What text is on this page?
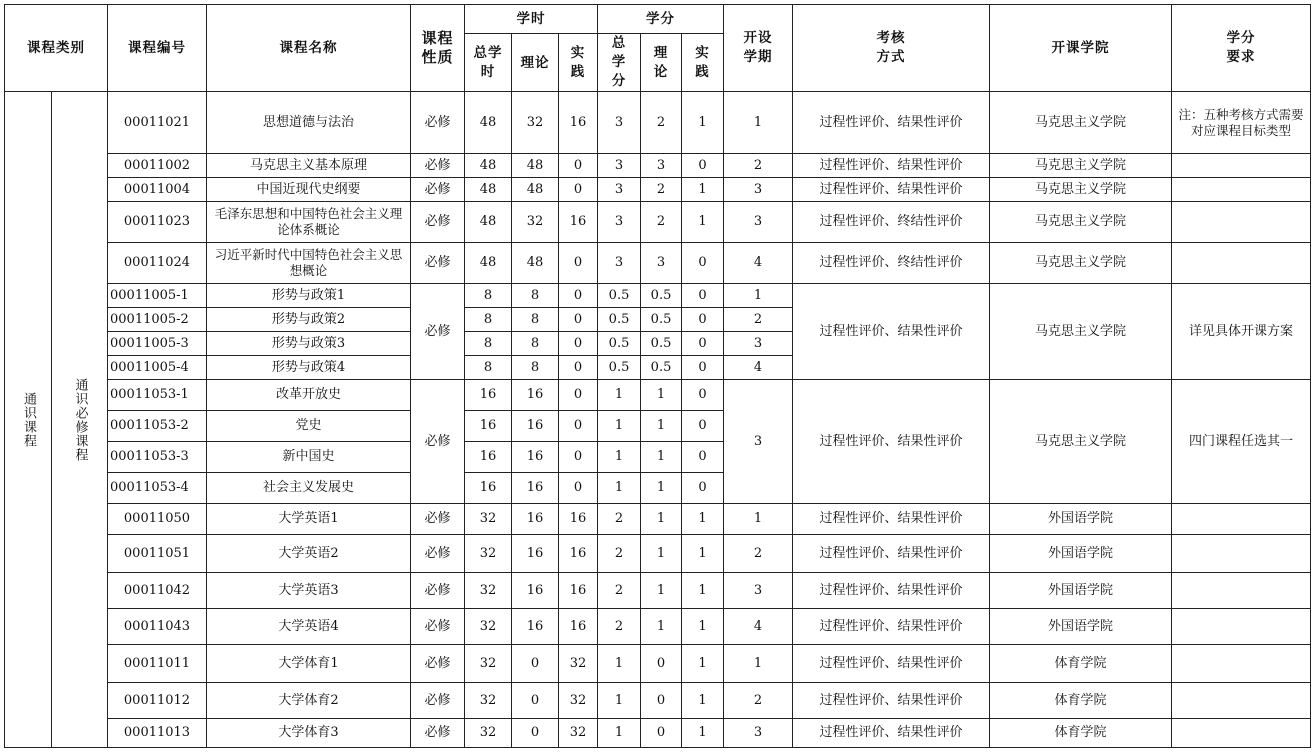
课程类别		课程编号	课程名称	课程性质	学时			学分			开设学期	考核方式	开课学院	学分要求

					总学时	理论	实践	总学分	理论	实践				

通识课程	通识必修课程	00011021	思想道德与法治	必修	48	32	16	3	2	1	1	过程性评价、结果性评价	马克思主义学院	注：五种考核方式需要对应课程目标类型
		00011002	马克思主义基本原理	必修	48	48	0	3	3	0	2	过程性评价、结果性评价	马克思主义学院	
		00011004	中国近现代史纲要	必修	48	48	0	3	2	1	3	过程性评价、结果性评价	马克思主义学院	
		00011023	毛泽东思想和中国特色社会主义理论体系概论	必修	48	32	16	3	2	1	3	过程性评价、终结性评价	马克思主义学院	
		00011024	习近平新时代中国特色社会主义思想概论	必修	48	48	0	3	3	0	4	过程性评价、终结性评价	马克思主义学院	
		00011005-1	形势与政策1	必修	8	8	0	0.5	0.5	0	1	过程性评价、结果性评价	马克思主义学院	详见具体开课方案
		00011005-2	形势与政策2		8	8	0	0.5	0.5	0	2			
		00011005-3	形势与政策3		8	8	0	0.5	0.5	0	3			
		00011005-4	形势与政策4		8	8	0	0.5	0.5	0	4			
		00011053-1	改革开放史	必修	16	16	0	1	1	0	3	过程性评价、结果性评价	马克思主义学院	四门课程任选其一
		00011053-2	党史		16	16	0	1	1	0				
		00011053-3	新中国史		16	16	0	1	1	0				
		00011053-4	社会主义发展史		16	16	0	1	1	0				
		00011050	大学英语1	必修	32	16	16	2	1	1	1	过程性评价、结果性评价	外国语学院	
		00011051	大学英语2	必修	32	16	16	2	1	1	2	过程性评价、结果性评价	外国语学院	
		00011042	大学英语3	必修	32	16	16	2	1	1	3	过程性评价、结果性评价	外国语学院	
		00011043	大学英语4	必修	32	16	16	2	1	1	4	过程性评价、结果性评价	外国语学院	
		00011011	大学体育1	必修	32	0	32	1	0	1	1	过程性评价、结果性评价	体育学院	
		00011012	大学体育2	必修	32	0	32	1	0	1	2	过程性评价、结果性评价	体育学院	
		00011013	大学体育3	必修	32	0	32	1	0	1	3	过程性评价、结果性评价	体育学院	
